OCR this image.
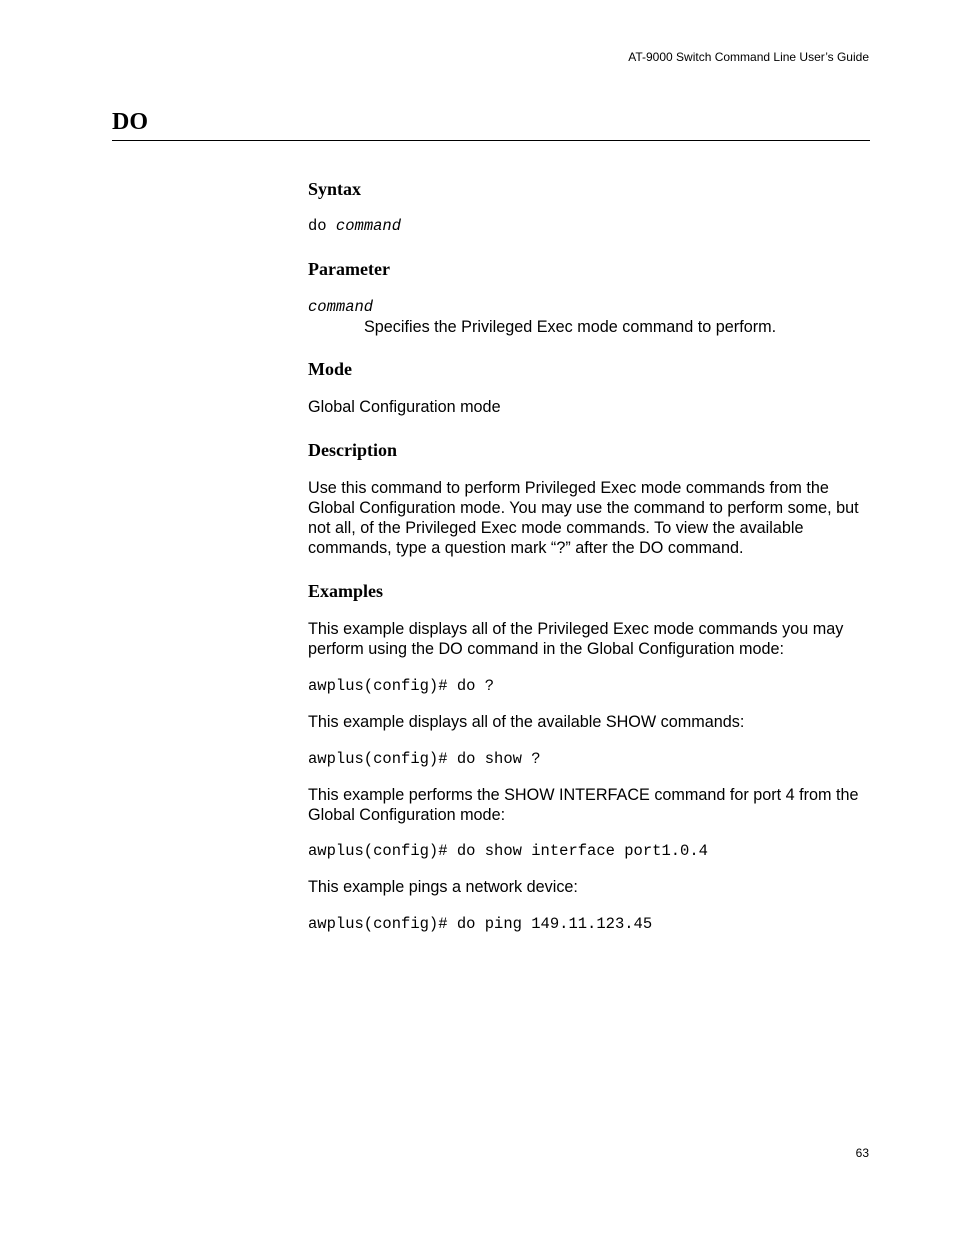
AT-9000 Switch Command Line User’s Guide
DO
Syntax

do command

Parameter

command

Specifies the Privileged Exec mode command to perform.

Mode

Global Configuration mode

Description

Use this command to perform Privileged Exec mode commands from the Global Configuration mode. You may use the command to perform some, but not all, of the Privileged Exec mode commands. To view the available commands, type a question mark “?” after the DO command.

Examples

This example displays all of the Privileged Exec mode commands you may perform using the DO command in the Global Configuration mode:

awplus(config)# do ?

This example displays all of the available SHOW commands:

awplus(config)# do show ?

This example performs the SHOW INTERFACE command for port 4 from the Global Configuration mode:

awplus(config)# do show interface port1.0.4

This example pings a network device:

awplus(config)# do ping 149.11.123.45

63
